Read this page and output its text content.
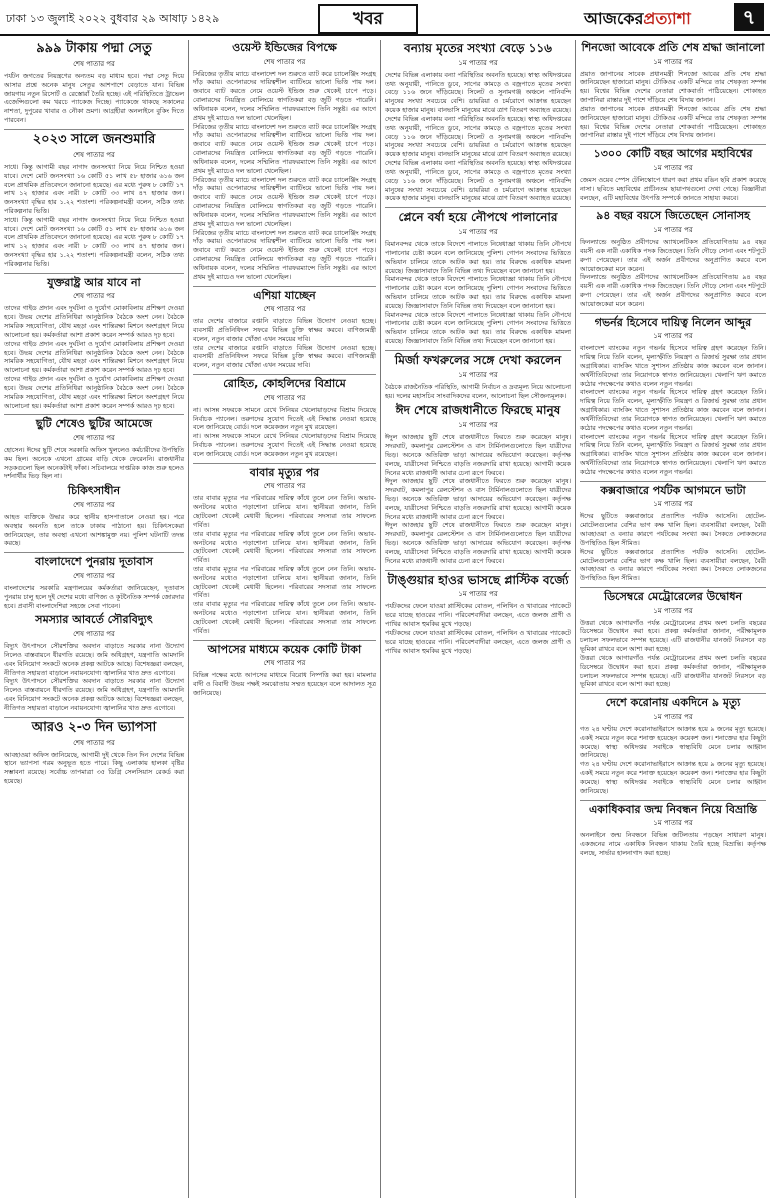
ঢাকা ১৩ জুলাই ২০২২ বুধবার ২৯ আষাঢ় ১৪২৯	খবর	আজকেরপ্রত্যাশা	৭
৯৯৯ টাকায় পদ্মা সেতু
শেষ পাতার পর

পর্যটন জগতের নিয়ন্ত্রণের অন্যতম বড় মাধ্যম হবে। পদ্মা সেতু দিয়ে আসার প্রশ্নে অনেক মানুষ সেতুর আশপাশে বেড়াতে যান। বিভিন্ন জায়গায় নতুন রিসোর্ট ও রেস্তোরাঁ তৈরি হচ্ছে। এই পরিস্থিতিতে ট্রাভেল এজেন্সিগুলো কম খরচে প্যাকেজ দিচ্ছে। প্যাকেজে থাকছে সকালের নাশতা, দুপুরের খাবার ও নৌকা ভ্রমণ। আগ্রহীরা অনলাইনে বুকিং দিতে পারবেন।

২০২৩ সালে জনশুমারি
শেষ পাতার পর

সাধে। কিন্তু আগামী বছর নাগাদ জনসংখ্যা নিয়ে নিয়ে নিশ্চিত হওয়া যাবে। দেশে মোট জনসংখ্যা ১৬ কোটি ৫১ লাখ ৫৮ হাজার ৬১৬ জন বলে প্রাথমিক প্রতিবেদনে জানানো হয়েছে। এর মধ্যে পুরুষ ৮ কোটি ১৭ লাখ ১২ হাজার এবং নারী ৮ কোটি ৩৩ লাখ ৪৭ হাজার জন। জনসংখ্যা বৃদ্ধির হার ১.২২ শতাংশ। পরিকল্পনামন্ত্রী বলেন, সঠিক তথ্য পরিকল্পনার ভিত্তি।

সাধে। কিন্তু আগামী বছর নাগাদ জনসংখ্যা নিয়ে নিয়ে নিশ্চিত হওয়া যাবে। দেশে মোট জনসংখ্যা ১৬ কোটি ৫১ লাখ ৫৮ হাজার ৬১৬ জন বলে প্রাথমিক প্রতিবেদনে জানানো হয়েছে। এর মধ্যে পুরুষ ৮ কোটি ১৭ লাখ ১২ হাজার এবং নারী ৮ কোটি ৩৩ লাখ ৪৭ হাজার জন। জনসংখ্যা বৃদ্ধির হার ১.২২ শতাংশ। পরিকল্পনামন্ত্রী বলেন, সঠিক তথ্য পরিকল্পনার ভিত্তি।

যুক্তরাষ্ট্র আর যাবে না
শেষ পাতার পর

তাদের গাইড প্রদান এবং দুর্ঘটনা ও দুর্যোগ মোকাবিলায় প্রশিক্ষণ দেওয়া হবে। উভয় দেশের প্রতিনিধিরা আনুষ্ঠানিক বৈঠকে অংশ নেন। বৈঠকে সামরিক সহযোগিতা, যৌথ মহড়া এবং শান্তিরক্ষা মিশনে অংশগ্রহণ নিয়ে আলোচনা হয়। কর্মকর্তারা আশা প্রকাশ করেন সম্পর্ক আরও দৃঢ় হবে।

তাদের গাইড প্রদান এবং দুর্ঘটনা ও দুর্যোগ মোকাবিলায় প্রশিক্ষণ দেওয়া হবে। উভয় দেশের প্রতিনিধিরা আনুষ্ঠানিক বৈঠকে অংশ নেন। বৈঠকে সামরিক সহযোগিতা, যৌথ মহড়া এবং শান্তিরক্ষা মিশনে অংশগ্রহণ নিয়ে আলোচনা হয়। কর্মকর্তারা আশা প্রকাশ করেন সম্পর্ক আরও দৃঢ় হবে।

তাদের গাইড প্রদান এবং দুর্ঘটনা ও দুর্যোগ মোকাবিলায় প্রশিক্ষণ দেওয়া হবে। উভয় দেশের প্রতিনিধিরা আনুষ্ঠানিক বৈঠকে অংশ নেন। বৈঠকে সামরিক সহযোগিতা, যৌথ মহড়া এবং শান্তিরক্ষা মিশনে অংশগ্রহণ নিয়ে আলোচনা হয়। কর্মকর্তারা আশা প্রকাশ করেন সম্পর্ক আরও দৃঢ় হবে।

ছুটি শেষেও ছুটির আমেজে
শেষ পাতার পর

হোসেন। ঈদের ছুটি শেষে সরকারি অফিস খুললেও কর্মচারীদের উপস্থিতি কম ছিল। অনেকে এখনো গ্রামের বাড়ি থেকে ফেরেননি। রাজধানীর সড়কগুলো ছিল অনেকটাই ফাঁকা। সচিবালয়ে দাপ্তরিক কাজ শুরু হলেও দর্শনার্থীর ভিড় ছিল না।

চিকিৎসাধীন
শেষ পাতার পর

আহত ব্যক্তিকে উদ্ধার করে স্থানীয় হাসপাতালে নেওয়া হয়। পরে অবস্থার অবনতি হলে তাকে ঢাকায় পাঠানো হয়। চিকিৎসকেরা জানিয়েছেন, তার অবস্থা এখনো আশঙ্কামুক্ত নয়। পুলিশ ঘটনাটি তদন্ত করছে।

বাংলাদেশে পুনরায় দূতাবাস
শেষ পাতার পর

বাংলাদেশের সরকারি মন্ত্রণালয়ের কর্মকর্তারা জানিয়েছেন, দূতাবাস পুনরায় চালু হলে দুই দেশের মধ্যে বাণিজ্য ও কূটনৈতিক সম্পর্ক জোরদার হবে। প্রবাসী বাংলাদেশিরা সহজে সেবা পাবেন।

সমস্যার আবর্তে সৌরবিদ্যুৎ
শেষ পাতার পর

বিদ্যুৎ উৎপাদনে সৌরশক্তির অবদান বাড়াতে সরকার নানা উদ্যোগ নিলেও বাস্তবায়নে ধীরগতি রয়েছে। জমি অধিগ্রহণ, যন্ত্রপাতি আমদানি এবং বিনিয়োগ সংকটে অনেক প্রকল্প আটকে আছে। বিশেষজ্ঞরা বলছেন, নীতিগত সহায়তা বাড়ালে নবায়নযোগ্য জ্বালানির খাত দ্রুত এগোবে।

বিদ্যুৎ উৎপাদনে সৌরশক্তির অবদান বাড়াতে সরকার নানা উদ্যোগ নিলেও বাস্তবায়নে ধীরগতি রয়েছে। জমি অধিগ্রহণ, যন্ত্রপাতি আমদানি এবং বিনিয়োগ সংকটে অনেক প্রকল্প আটকে আছে। বিশেষজ্ঞরা বলছেন, নীতিগত সহায়তা বাড়ালে নবায়নযোগ্য জ্বালানির খাত দ্রুত এগোবে।

আরও ২-৩ দিন ভ্যাপসা
শেষ পাতার পর

আবহাওয়া অফিস জানিয়েছে, আগামী দুই থেকে তিন দিন দেশের বিভিন্ন স্থানে ভ্যাপসা গরম অনুভূত হতে পারে। কিছু এলাকায় হালকা বৃষ্টির সম্ভাবনা রয়েছে। সর্বোচ্চ তাপমাত্রা ৩৫ ডিগ্রি সেলসিয়াস রেকর্ড করা হয়েছে।

ওয়েস্ট ইন্ডিজের বিপক্ষে
শেষ পাতার পর

সিরিজের তৃতীয় ম্যাচে বাংলাদেশ দল শুরুতে ব্যাট করে চ্যালেঞ্জিং সংগ্রহ দাঁড় করায়। ওপেনারদের দায়িত্বশীল ব্যাটিংয়ে ভালো ভিত্তি পায় দল। জবাবে ব্যাট করতে নেমে ওয়েস্ট ইন্ডিজ শুরু থেকেই চাপে পড়ে। বোলারদের নিয়ন্ত্রিত বোলিংয়ে স্বাগতিকরা বড় জুটি গড়তে পারেনি। অধিনায়ক বলেন, দলের সম্মিলিত পারফরম্যান্সে তিনি সন্তুষ্ট। এর আগে প্রথম দুই ম্যাচেও দল ভালো খেলেছিল।

সিরিজের তৃতীয় ম্যাচে বাংলাদেশ দল শুরুতে ব্যাট করে চ্যালেঞ্জিং সংগ্রহ দাঁড় করায়। ওপেনারদের দায়িত্বশীল ব্যাটিংয়ে ভালো ভিত্তি পায় দল। জবাবে ব্যাট করতে নেমে ওয়েস্ট ইন্ডিজ শুরু থেকেই চাপে পড়ে। বোলারদের নিয়ন্ত্রিত বোলিংয়ে স্বাগতিকরা বড় জুটি গড়তে পারেনি। অধিনায়ক বলেন, দলের সম্মিলিত পারফরম্যান্সে তিনি সন্তুষ্ট। এর আগে প্রথম দুই ম্যাচেও দল ভালো খেলেছিল।

সিরিজের তৃতীয় ম্যাচে বাংলাদেশ দল শুরুতে ব্যাট করে চ্যালেঞ্জিং সংগ্রহ দাঁড় করায়। ওপেনারদের দায়িত্বশীল ব্যাটিংয়ে ভালো ভিত্তি পায় দল। জবাবে ব্যাট করতে নেমে ওয়েস্ট ইন্ডিজ শুরু থেকেই চাপে পড়ে। বোলারদের নিয়ন্ত্রিত বোলিংয়ে স্বাগতিকরা বড় জুটি গড়তে পারেনি। অধিনায়ক বলেন, দলের সম্মিলিত পারফরম্যান্সে তিনি সন্তুষ্ট। এর আগে প্রথম দুই ম্যাচেও দল ভালো খেলেছিল।

সিরিজের তৃতীয় ম্যাচে বাংলাদেশ দল শুরুতে ব্যাট করে চ্যালেঞ্জিং সংগ্রহ দাঁড় করায়। ওপেনারদের দায়িত্বশীল ব্যাটিংয়ে ভালো ভিত্তি পায় দল। জবাবে ব্যাট করতে নেমে ওয়েস্ট ইন্ডিজ শুরু থেকেই চাপে পড়ে। বোলারদের নিয়ন্ত্রিত বোলিংয়ে স্বাগতিকরা বড় জুটি গড়তে পারেনি। অধিনায়ক বলেন, দলের সম্মিলিত পারফরম্যান্সে তিনি সন্তুষ্ট। এর আগে প্রথম দুই ম্যাচেও দল ভালো খেলেছিল।

এশিয়া যাচ্ছেন
শেষ পাতার পর

তার দেশের বাজারে রপ্তানি বাড়াতে বিভিন্ন উদ্যোগ নেওয়া হচ্ছে। ব্যবসায়ী প্রতিনিধিদল সফরে বিভিন্ন চুক্তি স্বাক্ষর করবে। বাণিজ্যমন্ত্রী বলেন, নতুন বাজার খোঁজা এখন সময়ের দাবি।

তার দেশের বাজারে রপ্তানি বাড়াতে বিভিন্ন উদ্যোগ নেওয়া হচ্ছে। ব্যবসায়ী প্রতিনিধিদল সফরে বিভিন্ন চুক্তি স্বাক্ষর করবে। বাণিজ্যমন্ত্রী বলেন, নতুন বাজার খোঁজা এখন সময়ের দাবি।

রোহিত, কোহলিদের বিশ্রামে
শেষ পাতার পর

না। আসন্ন সফরকে সামনে রেখে সিনিয়র খেলোয়াড়দের বিশ্রাম দিয়েছে নির্বাচক প্যানেল। তরুণদের সুযোগ দিতেই এই সিদ্ধান্ত নেওয়া হয়েছে বলে জানিয়েছে বোর্ড। দলে কয়েকজন নতুন মুখ রয়েছেন।

না। আসন্ন সফরকে সামনে রেখে সিনিয়র খেলোয়াড়দের বিশ্রাম দিয়েছে নির্বাচক প্যানেল। তরুণদের সুযোগ দিতেই এই সিদ্ধান্ত নেওয়া হয়েছে বলে জানিয়েছে বোর্ড। দলে কয়েকজন নতুন মুখ রয়েছেন।

বাবার মৃত্যুর পর
শেষ পাতার পর

তার বাবার মৃত্যুর পর পরিবারের দায়িত্ব কাঁধে তুলে নেন তিনি। অভাব-অনটনের মধ্যেও পড়াশোনা চালিয়ে যান। স্থানীয়রা জানান, তিনি ছোটবেলা থেকেই মেধাবী ছিলেন। পরিবারের সদস্যরা তার সাফল্যে গর্বিত।

তার বাবার মৃত্যুর পর পরিবারের দায়িত্ব কাঁধে তুলে নেন তিনি। অভাব-অনটনের মধ্যেও পড়াশোনা চালিয়ে যান। স্থানীয়রা জানান, তিনি ছোটবেলা থেকেই মেধাবী ছিলেন। পরিবারের সদস্যরা তার সাফল্যে গর্বিত।

তার বাবার মৃত্যুর পর পরিবারের দায়িত্ব কাঁধে তুলে নেন তিনি। অভাব-অনটনের মধ্যেও পড়াশোনা চালিয়ে যান। স্থানীয়রা জানান, তিনি ছোটবেলা থেকেই মেধাবী ছিলেন। পরিবারের সদস্যরা তার সাফল্যে গর্বিত।

তার বাবার মৃত্যুর পর পরিবারের দায়িত্ব কাঁধে তুলে নেন তিনি। অভাব-অনটনের মধ্যেও পড়াশোনা চালিয়ে যান। স্থানীয়রা জানান, তিনি ছোটবেলা থেকেই মেধাবী ছিলেন। পরিবারের সদস্যরা তার সাফল্যে গর্বিত।

আপসের মাধ্যমে কয়েক কোটি টাকা
শেষ পাতার পর

বিভিন্ন পক্ষের মধ্যে আপসের মাধ্যমে বিরোধ নিষ্পত্তি করা হয়। মামলার বাদী ও বিবাদী উভয় পক্ষই সমঝোতায় সম্মত হয়েছেন বলে আদালত সূত্র জানিয়েছে।

বন্যায় মৃতের সংখ্যা বেড়ে ১১৬
১ম পাতার পর

দেশের বিভিন্ন এলাকায় বন্যা পরিস্থিতির অবনতি হয়েছে। স্বাস্থ্য অধিদপ্তরের তথ্য অনুযায়ী, পানিতে ডুবে, সাপের কামড়ে ও বজ্রপাতে মৃতের সংখ্যা বেড়ে ১১৬ জনে দাঁড়িয়েছে। সিলেট ও সুনামগঞ্জ অঞ্চলে পানিবন্দি মানুষের সংখ্যা সবচেয়ে বেশি। ডায়রিয়া ও চর্মরোগে আক্রান্ত হয়েছেন কয়েক হাজার মানুষ। বানভাসি মানুষের মাঝে ত্রাণ বিতরণ অব্যাহত রয়েছে।

দেশের বিভিন্ন এলাকায় বন্যা পরিস্থিতির অবনতি হয়েছে। স্বাস্থ্য অধিদপ্তরের তথ্য অনুযায়ী, পানিতে ডুবে, সাপের কামড়ে ও বজ্রপাতে মৃতের সংখ্যা বেড়ে ১১৬ জনে দাঁড়িয়েছে। সিলেট ও সুনামগঞ্জ অঞ্চলে পানিবন্দি মানুষের সংখ্যা সবচেয়ে বেশি। ডায়রিয়া ও চর্মরোগে আক্রান্ত হয়েছেন কয়েক হাজার মানুষ। বানভাসি মানুষের মাঝে ত্রাণ বিতরণ অব্যাহত রয়েছে।

দেশের বিভিন্ন এলাকায় বন্যা পরিস্থিতির অবনতি হয়েছে। স্বাস্থ্য অধিদপ্তরের তথ্য অনুযায়ী, পানিতে ডুবে, সাপের কামড়ে ও বজ্রপাতে মৃতের সংখ্যা বেড়ে ১১৬ জনে দাঁড়িয়েছে। সিলেট ও সুনামগঞ্জ অঞ্চলে পানিবন্দি মানুষের সংখ্যা সবচেয়ে বেশি। ডায়রিয়া ও চর্মরোগে আক্রান্ত হয়েছেন কয়েক হাজার মানুষ। বানভাসি মানুষের মাঝে ত্রাণ বিতরণ অব্যাহত রয়েছে।

প্লেনে বর্ষা হয়ে নৌপথে পালানোর
১ম পাতার পর

বিমানবন্দর থেকে তাকে বিদেশে পালাতে নিষেধাজ্ঞা থাকায় তিনি নৌপথে পালানোর চেষ্টা করেন বলে জানিয়েছে পুলিশ। গোপন সংবাদের ভিত্তিতে অভিযান চালিয়ে তাকে আটক করা হয়। তার বিরুদ্ধে একাধিক মামলা রয়েছে। জিজ্ঞাসাবাদে তিনি বিভিন্ন তথ্য দিয়েছেন বলে জানানো হয়।

বিমানবন্দর থেকে তাকে বিদেশে পালাতে নিষেধাজ্ঞা থাকায় তিনি নৌপথে পালানোর চেষ্টা করেন বলে জানিয়েছে পুলিশ। গোপন সংবাদের ভিত্তিতে অভিযান চালিয়ে তাকে আটক করা হয়। তার বিরুদ্ধে একাধিক মামলা রয়েছে। জিজ্ঞাসাবাদে তিনি বিভিন্ন তথ্য দিয়েছেন বলে জানানো হয়।

বিমানবন্দর থেকে তাকে বিদেশে পালাতে নিষেধাজ্ঞা থাকায় তিনি নৌপথে পালানোর চেষ্টা করেন বলে জানিয়েছে পুলিশ। গোপন সংবাদের ভিত্তিতে অভিযান চালিয়ে তাকে আটক করা হয়। তার বিরুদ্ধে একাধিক মামলা রয়েছে। জিজ্ঞাসাবাদে তিনি বিভিন্ন তথ্য দিয়েছেন বলে জানানো হয়।

মির্জা ফখরুলের সঙ্গে দেখা করলেন
১ম পাতার পর

বৈঠকে রাজনৈতিক পরিস্থিতি, আগামী নির্বাচন ও দ্রব্যমূল্য নিয়ে আলোচনা হয়। দলের মহাসচিব সাংবাদিকদের বলেন, আলোচনা ছিল সৌজন্যমূলক।

ঈদ শেষে রাজধানীতে ফিরছে মানুষ
১ম পাতার পর

ঈদুল আজহার ছুটি শেষে রাজধানীতে ফিরতে শুরু করেছেন মানুষ। সদরঘাট, কমলাপুর রেলস্টেশন ও বাস টার্মিনালগুলোতে ছিল যাত্রীদের ভিড়। অনেকে অতিরিক্ত ভাড়া আদায়ের অভিযোগ করেছেন। কর্তৃপক্ষ বলছে, যাত্রীসেবা নিশ্চিতে বাড়তি নজরদারি রাখা হয়েছে। আগামী কয়েক দিনের মধ্যে রাজধানী আবার চেনা রূপে ফিরবে।

ঈদুল আজহার ছুটি শেষে রাজধানীতে ফিরতে শুরু করেছেন মানুষ। সদরঘাট, কমলাপুর রেলস্টেশন ও বাস টার্মিনালগুলোতে ছিল যাত্রীদের ভিড়। অনেকে অতিরিক্ত ভাড়া আদায়ের অভিযোগ করেছেন। কর্তৃপক্ষ বলছে, যাত্রীসেবা নিশ্চিতে বাড়তি নজরদারি রাখা হয়েছে। আগামী কয়েক দিনের মধ্যে রাজধানী আবার চেনা রূপে ফিরবে।

ঈদুল আজহার ছুটি শেষে রাজধানীতে ফিরতে শুরু করেছেন মানুষ। সদরঘাট, কমলাপুর রেলস্টেশন ও বাস টার্মিনালগুলোতে ছিল যাত্রীদের ভিড়। অনেকে অতিরিক্ত ভাড়া আদায়ের অভিযোগ করেছেন। কর্তৃপক্ষ বলছে, যাত্রীসেবা নিশ্চিতে বাড়তি নজরদারি রাখা হয়েছে। আগামী কয়েক দিনের মধ্যে রাজধানী আবার চেনা রূপে ফিরবে।

টাঙ্গুয়ার হাওর ভাসছে প্লাস্টিক বর্জ্যে
১ম পাতার পর

পর্যটকদের ফেলে যাওয়া প্লাস্টিকের বোতল, পলিথিন ও খাবারের প্যাকেটে ভরে যাচ্ছে হাওরের পানি। পরিবেশবাদীরা বলছেন, এতে জলজ প্রাণী ও পাখির আবাস হুমকির মুখে পড়ছে।

পর্যটকদের ফেলে যাওয়া প্লাস্টিকের বোতল, পলিথিন ও খাবারের প্যাকেটে ভরে যাচ্ছে হাওরের পানি। পরিবেশবাদীরা বলছেন, এতে জলজ প্রাণী ও পাখির আবাস হুমকির মুখে পড়ছে।

শিনজো আবেকে প্রতি শেষ শ্রদ্ধা জানালো
১ম পাতার পর

প্রয়াত জাপানের সাবেক প্রধানমন্ত্রী শিনজো আবের প্রতি শেষ শ্রদ্ধা জানিয়েছেন হাজারো মানুষ। টোকিওর একটি মন্দিরে তার শেষকৃত্য সম্পন্ন হয়। বিশ্বের বিভিন্ন দেশের নেতারা শোকবার্তা পাঠিয়েছেন। শোকাহত জাপানিরা রাস্তার দুই পাশে দাঁড়িয়ে শেষ বিদায় জানান।

প্রয়াত জাপানের সাবেক প্রধানমন্ত্রী শিনজো আবের প্রতি শেষ শ্রদ্ধা জানিয়েছেন হাজারো মানুষ। টোকিওর একটি মন্দিরে তার শেষকৃত্য সম্পন্ন হয়। বিশ্বের বিভিন্ন দেশের নেতারা শোকবার্তা পাঠিয়েছেন। শোকাহত জাপানিরা রাস্তার দুই পাশে দাঁড়িয়ে শেষ বিদায় জানান।

১৩০০ কোটি বছর আগের মহাবিশ্বের
১ম পাতার পর

জেমস ওয়েব স্পেস টেলিস্কোপে ধারণ করা প্রথম রঙিন ছবি প্রকাশ করেছে নাসা। ছবিতে মহাবিশ্বের প্রাচীনতম ছায়াপথগুলো দেখা গেছে। বিজ্ঞানীরা বলছেন, এটি মহাবিশ্বের উৎপত্তি সম্পর্কে জানতে সাহায্য করবে।

৯৪ বছর বয়সে জিতেছেন সোনাসহ
১ম পাতার পর

ফিনল্যান্ডে অনুষ্ঠিত প্রবীণদের অ্যাথলেটিকস প্রতিযোগিতায় ৯৪ বছর বয়সী এক নারী একাধিক পদক জিতেছেন। তিনি দৌড়ে সোনা এবং শটপুটে রুপা পেয়েছেন। তার এই অর্জন প্রবীণদের অনুপ্রাণিত করবে বলে আয়োজকেরা মনে করেন।

ফিনল্যান্ডে অনুষ্ঠিত প্রবীণদের অ্যাথলেটিকস প্রতিযোগিতায় ৯৪ বছর বয়সী এক নারী একাধিক পদক জিতেছেন। তিনি দৌড়ে সোনা এবং শটপুটে রুপা পেয়েছেন। তার এই অর্জন প্রবীণদের অনুপ্রাণিত করবে বলে আয়োজকেরা মনে করেন।

গভর্নর হিসেবে দায়িত্ব নিলেন আব্দুর
১ম পাতার পর

বাংলাদেশ ব্যাংকের নতুন গভর্নর হিসেবে দায়িত্ব গ্রহণ করেছেন তিনি। দায়িত্ব নিয়ে তিনি বলেন, মূল্যস্ফীতি নিয়ন্ত্রণ ও রিজার্ভ সুরক্ষা তার প্রধান অগ্রাধিকার। ব্যাংকিং খাতে সুশাসন প্রতিষ্ঠায় কাজ করবেন বলে জানান। অর্থনীতিবিদেরা তার নিয়োগকে স্বাগত জানিয়েছেন। খেলাপি ঋণ কমাতে কঠোর পদক্ষেপের কথাও বলেন নতুন গভর্নর।

বাংলাদেশ ব্যাংকের নতুন গভর্নর হিসেবে দায়িত্ব গ্রহণ করেছেন তিনি। দায়িত্ব নিয়ে তিনি বলেন, মূল্যস্ফীতি নিয়ন্ত্রণ ও রিজার্ভ সুরক্ষা তার প্রধান অগ্রাধিকার। ব্যাংকিং খাতে সুশাসন প্রতিষ্ঠায় কাজ করবেন বলে জানান। অর্থনীতিবিদেরা তার নিয়োগকে স্বাগত জানিয়েছেন। খেলাপি ঋণ কমাতে কঠোর পদক্ষেপের কথাও বলেন নতুন গভর্নর।

বাংলাদেশ ব্যাংকের নতুন গভর্নর হিসেবে দায়িত্ব গ্রহণ করেছেন তিনি। দায়িত্ব নিয়ে তিনি বলেন, মূল্যস্ফীতি নিয়ন্ত্রণ ও রিজার্ভ সুরক্ষা তার প্রধান অগ্রাধিকার। ব্যাংকিং খাতে সুশাসন প্রতিষ্ঠায় কাজ করবেন বলে জানান। অর্থনীতিবিদেরা তার নিয়োগকে স্বাগত জানিয়েছেন। খেলাপি ঋণ কমাতে কঠোর পদক্ষেপের কথাও বলেন নতুন গভর্নর।

কক্সবাজারে পর্যটক আগমনে ভাটা
১ম পাতার পর

ঈদের ছুটিতে কক্সবাজারে প্রত্যাশিত পর্যটক আসেনি। হোটেল-মোটেলগুলোর বেশির ভাগ কক্ষ খালি ছিল। ব্যবসায়ীরা বলছেন, বৈরী আবহাওয়া ও বন্যার কারণে পর্যটকের সংখ্যা কম। সৈকতে লোকজনের উপস্থিতিও ছিল সীমিত।

ঈদের ছুটিতে কক্সবাজারে প্রত্যাশিত পর্যটক আসেনি। হোটেল-মোটেলগুলোর বেশির ভাগ কক্ষ খালি ছিল। ব্যবসায়ীরা বলছেন, বৈরী আবহাওয়া ও বন্যার কারণে পর্যটকের সংখ্যা কম। সৈকতে লোকজনের উপস্থিতিও ছিল সীমিত।

ডিসেম্বরে মেট্রোরেলের উদ্বোধন
১ম পাতার পর

উত্তরা থেকে আগারগাঁও পর্যন্ত মেট্রোরেলের প্রথম অংশ চলতি বছরের ডিসেম্বরে উদ্বোধন করা হবে। প্রকল্প কর্মকর্তারা জানান, পরীক্ষামূলক চলাচল সফলভাবে সম্পন্ন হয়েছে। এটি রাজধানীর যানজট নিরসনে বড় ভূমিকা রাখবে বলে আশা করা হচ্ছে।

উত্তরা থেকে আগারগাঁও পর্যন্ত মেট্রোরেলের প্রথম অংশ চলতি বছরের ডিসেম্বরে উদ্বোধন করা হবে। প্রকল্প কর্মকর্তারা জানান, পরীক্ষামূলক চলাচল সফলভাবে সম্পন্ন হয়েছে। এটি রাজধানীর যানজট নিরসনে বড় ভূমিকা রাখবে বলে আশা করা হচ্ছে।

দেশে করোনায় একদিনে ৯ মৃত্যু
১ম পাতার পর

গত ২৪ ঘণ্টায় দেশে করোনাভাইরাসে আক্রান্ত হয়ে ৯ জনের মৃত্যু হয়েছে। একই সময়ে নতুন করে শনাক্ত হয়েছেন কয়েকশ জন। শনাক্তের হার কিছুটা কমেছে। স্বাস্থ্য অধিদপ্তর সবাইকে স্বাস্থ্যবিধি মেনে চলার আহ্বান জানিয়েছে।

গত ২৪ ঘণ্টায় দেশে করোনাভাইরাসে আক্রান্ত হয়ে ৯ জনের মৃত্যু হয়েছে। একই সময়ে নতুন করে শনাক্ত হয়েছেন কয়েকশ জন। শনাক্তের হার কিছুটা কমেছে। স্বাস্থ্য অধিদপ্তর সবাইকে স্বাস্থ্যবিধি মেনে চলার আহ্বান জানিয়েছে।

একাধিকবার জন্ম নিবন্ধন নিয়ে বিভ্রান্তি
১ম পাতার পর

অনলাইনে জন্ম নিবন্ধনে বিভিন্ন জটিলতায় পড়ছেন সাধারণ মানুষ। একজনের নামে একাধিক নিবন্ধন থাকায় তৈরি হচ্ছে বিভ্রান্তি। কর্তৃপক্ষ বলছে, সার্ভার হালনাগাদ করা হচ্ছে।
